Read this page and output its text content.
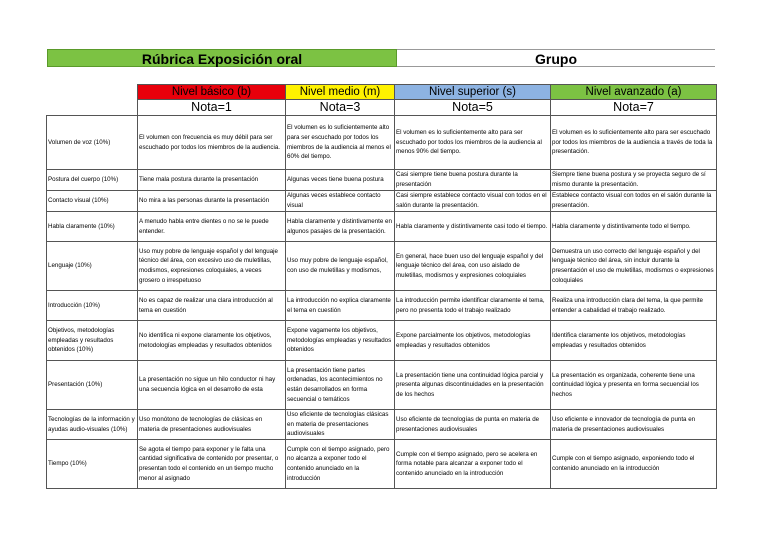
Rúbrica Exposición oral	Grupo
	Nivel básico (b)	Nivel medio (m)	Nivel superior (s)	Nivel avanzado (a)
	Nota=1	Nota=3	Nota=5	Nota=7
Volumen de voz (10%)	El volumen con frecuencia es muy débil para ser escuchado por todos los miembros de la audiencia.	El volumen es lo suficientemente alto para ser escuchado por todos los miembros de la audiencia al menos el 60% del tiempo.	El volumen es lo suficientemente alto para ser escuchado por todos los miembros de la audiencia al menos 90% del tiempo.	El volumen es lo suficientemente alto para ser escuchado por todos los miembros de la audiencia a través de toda la presentación.
Postura del cuerpo (10%)	Tiene mala postura durante la presentación	Algunas veces tiene buena postura	Casi siempre tiene buena postura durante la presentación	Siempre tiene buena postura y se proyecta seguro de sí mismo durante la presentación.
Contacto visual (10%)	No mira a las personas durante la presentación	Algunas veces establece contacto visual	Casi siempre establece contacto visual con todos en el salón durante la presentación.	Establece contacto visual con todos en el salón durante la presentación.
Habla claramente (10%)	A menudo habla entre dientes o no se le puede entender.	Habla claramente y distintivamente en algunos pasajes de la presentación.	Habla claramente y distintivamente casi todo el tiempo.	Habla claramente y distintivamente todo el tiempo.
Lenguaje (10%)	Uso muy pobre de lenguaje español y del lenguaje técnico del área, con excesivo uso de muletillas, modismos, expresiones coloquiales, a veces grosero o irrespetuoso	Uso muy pobre de lenguaje español, con uso de muletillas y modismos,	En general, hace buen uso del lenguaje español y del lenguaje técnico del área, con uso aislado de muletillas, modismos y expresiones coloquiales	Demuestra un uso correcto del lenguaje español y del lenguaje técnico del área, sin incluir durante la presentación el uso de muletillas, modismos o expresiones coloquiales
Introducción (10%)	No es capaz de realizar una clara introducción al tema en cuestión	La introducción no explica claramente el tema en cuestión	La introducción permite identificar claramente el tema, pero no presenta todo el trabajo realizado	Realiza una introducción clara del tema, la que permite entender a cabalidad el trabajo realizado.
Objetivos, metodologías empleadas y resultados obtenidos (10%)	No identifica ni expone claramente los objetivos, metodologías empleadas y resultados obtenidos	Expone vagamente los objetivos, metodologías empleadas y resultados obtenidos	Expone parcialmente los objetivos, metodologías empleadas y resultados obtenidos	Identifica claramente los objetivos, metodologías empleadas y resultados obtenidos
Presentación (10%)	La presentación no sigue un hilo conductor ni hay una secuencia lógica en el desarrollo de esta	La presentación tiene partes ordenadas, los acontecimientos no están desarrollados en forma secuencial o temáticos	La presentación tiene una continuidad lógica parcial y presenta algunas discontinuidades en la presentación de los hechos	La presentación es organizada, coherente tiene una continuidad lógica y presenta en forma secuencial los hechos
Tecnologías de la información y ayudas audio-visuales (10%)	Uso monótono de tecnologías de clásicas en materia de presentaciones audiovisuales	Uso eficiente de tecnologías clásicas en materia de presentaciones audiovisuales	Uso eficiente de tecnologías de punta en materia de presentaciones audiovisuales	Uso eficiente e innovador de tecnología de punta en materia de presentaciones audiovisuales
Tiempo (10%)	Se agota el tiempo para exponer y le falta una cantidad significativa de contenido por presentar, o presentan todo el contenido en un tiempo mucho menor al asignado	Cumple con el tiempo asignado, pero no alcanza a exponer todo el contenido anunciado en la introducción	Cumple con el tiempo asignado, pero se acelera en forma notable para alcanzar a exponer todo el contenido anunciado en la introducción	Cumple con el tiempo asignado, exponiendo todo el contenido anunciado en la introducción
